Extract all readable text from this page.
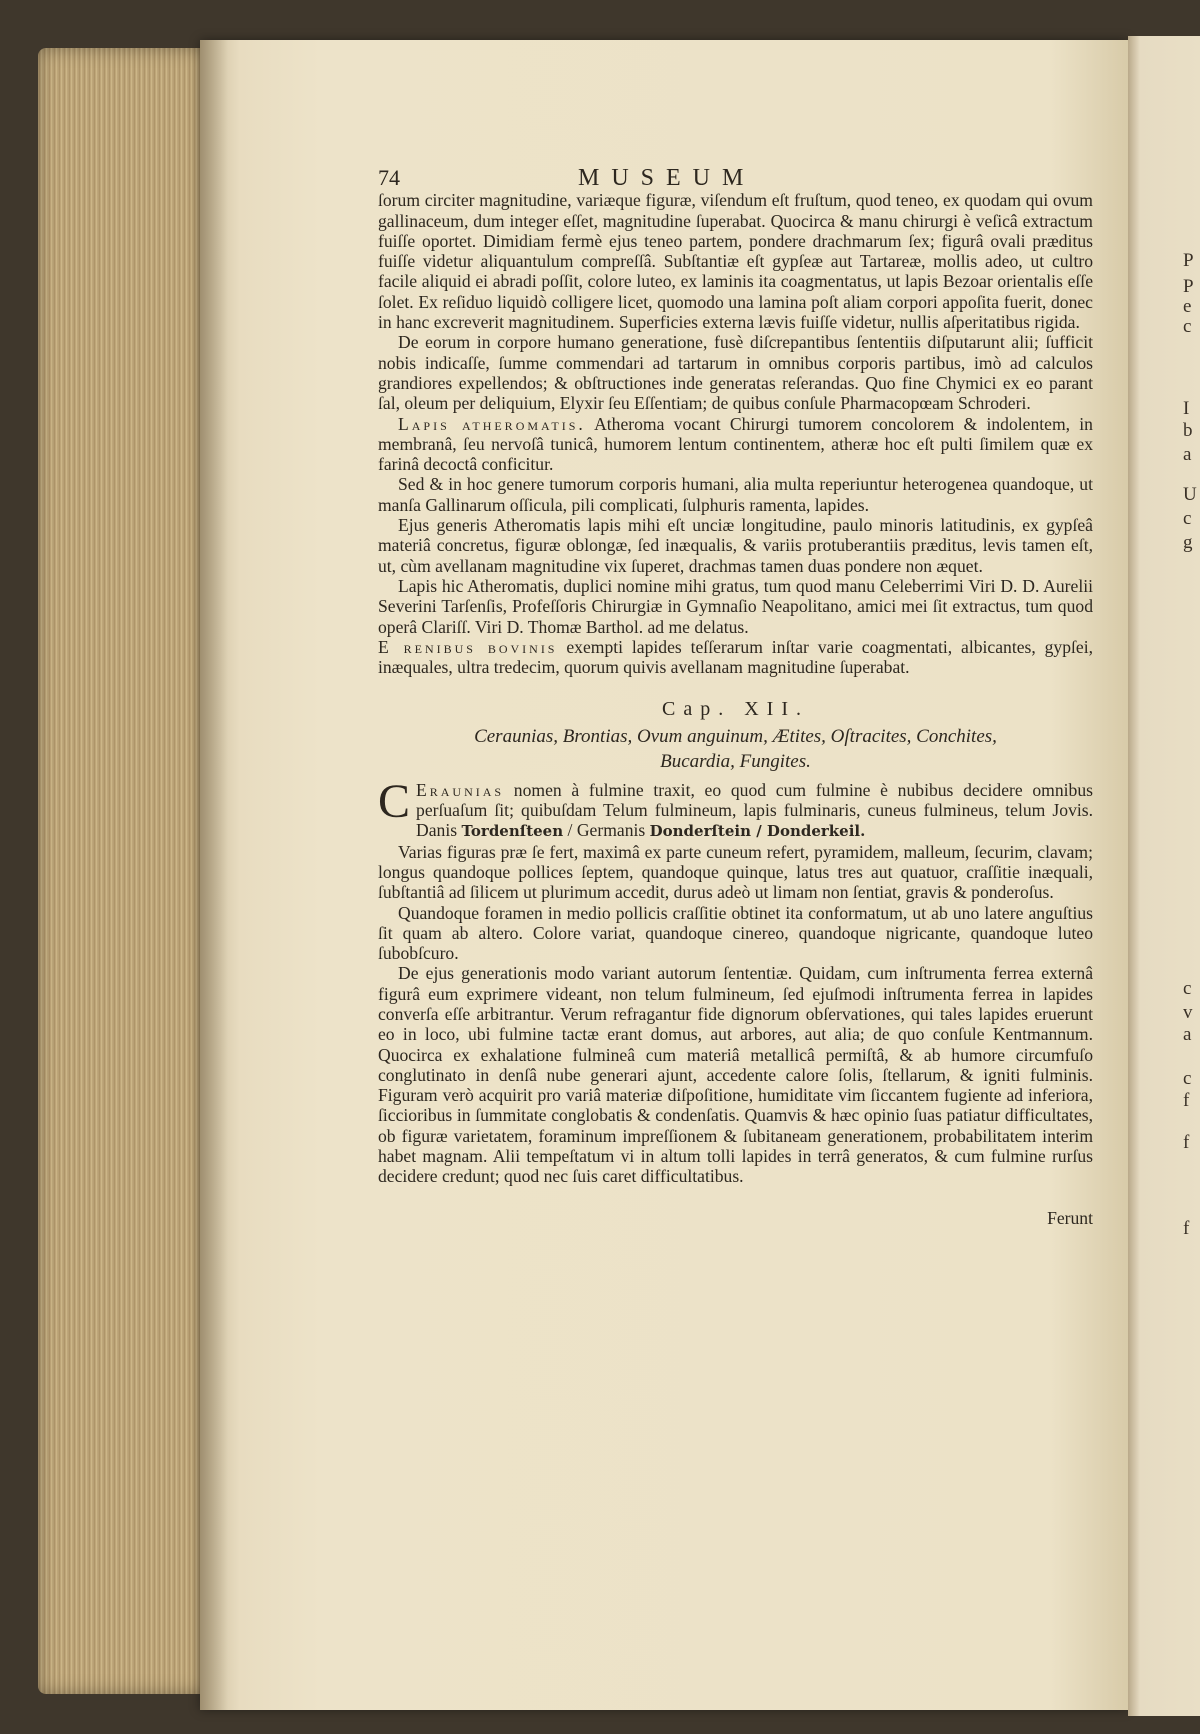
P
P
e
c
I
b
a
U
c
g
c
v
a
c
f
f
f
74	MUSEUM

ſorum circiter magnitudine, variæque figuræ, viſendum eſt fruſtum, quod teneo, ex quodam qui ovum gallinaceum, dum integer eſſet, magnitudine ſuperabat. Quocirca & manu chirurgi è veſicâ extractum fuiſſe oportet. Dimidiam fermè ejus teneo partem, pondere drachmarum ſex; figurâ ovali præditus fuiſſe videtur aliquantulum compreſſâ. Subſtantiæ eſt gypſeæ aut Tartareæ, mollis adeo, ut cultro facile aliquid ei abradi poſſit, colore luteo, ex laminis ita coagmentatus, ut lapis Bezoar orientalis eſſe ſolet. Ex reſiduo liquidò colligere licet, quomodo una lamina poſt aliam corpori appoſita fuerit, donec in hanc excreverit magnitudinem. Superficies externa lævis fuiſſe videtur, nullis aſperitatibus rigida.

De eorum in corpore humano generatione, fusè diſcrepantibus ſententiis diſputarunt alii; ſufficit nobis indicaſſe, ſumme commendari ad tartarum in omnibus corporis partibus, imò ad calculos grandiores expellendos; & obſtructiones inde generatas reſerandas. Quo fine Chymici ex eo parant ſal, oleum per deliquium, Elyxir ſeu Eſſentiam; de quibus conſule Pharmacopœam Schroderi.

Lapis atheromatis. Atheroma vocant Chirurgi tumorem concolorem & indolentem, in membranâ, ſeu nervoſâ tunicâ, humorem lentum continentem, atheræ hoc eſt pulti ſimilem quæ ex farinâ decoctâ conficitur.

Sed & in hoc genere tumorum corporis humani, alia multa reperiuntur heterogenea quandoque, ut manſa Gallinarum oſſicula, pili complicati, ſulphuris ramenta, lapides.

Ejus generis Atheromatis lapis mihi eſt unciæ longitudine, paulo minoris latitudinis, ex gypſeâ materiâ concretus, figuræ oblongæ, ſed inæqualis, & variis protuberantiis præditus, levis tamen eſt, ut, cùm avellanam magnitudine vix ſuperet, drachmas tamen duas pondere non æquet.

Lapis hic Atheromatis, duplici nomine mihi gratus, tum quod manu Celeberrimi Viri D. D. Aurelii Severini Tarſenſis, Profeſſoris Chirurgiæ in Gymnaſio Neapolitano, amici mei ſit extractus, tum quod operâ Clariſſ. Viri D. Thomæ Barthol. ad me delatus.

E renibus bovinis exempti lapides teſſerarum inſtar varie coagmentati, albicantes, gypſei, inæquales, ultra tredecim, quorum quivis avellanam magnitudine ſuperabat.

Cap. XII.
Ceraunias, Brontias, Ovum anguinum, Ætites, Oſtracites, Conchites,
Bucardia, Fungites.

C Eraunias nomen à fulmine traxit, eo quod cum fulmine è nubibus decidere omnibus perſuaſum ſit; quibuſdam Telum fulmineum, lapis fulminaris, cuneus fulmineus, telum Jovis. Danis Tordenſteen / Germanis Donderſtein / Donderkeil.

Varias figuras præ ſe fert, maximâ ex parte cuneum refert, pyramidem, malleum, ſecurim, clavam; longus quandoque pollices ſeptem, quandoque quinque, latus tres aut quatuor, craſſitie inæquali, ſubſtantiâ ad ſilicem ut plurimum accedit, durus adeò ut limam non ſentiat, gravis & ponderoſus.

Quandoque foramen in medio pollicis craſſitie obtinet ita conformatum, ut ab uno latere anguſtius ſit quam ab altero. Colore variat, quandoque cinereo, quandoque nigricante, quandoque luteo ſubobſcuro.

De ejus generationis modo variant autorum ſententiæ. Quidam, cum inſtrumenta ferrea externâ figurâ eum exprimere videant, non telum fulmineum, ſed ejuſmodi inſtrumenta ferrea in lapides converſa eſſe arbitrantur. Verum refragantur fide dignorum obſervationes, qui tales lapides eruerunt eo in loco, ubi fulmine tactæ erant domus, aut arbores, aut alia; de quo conſule Kentmannum. Quocirca ex exhalatione fulmineâ cum materiâ metallicâ permiſtâ, & ab humore circumfuſo conglutinato in denſâ nube generari ajunt, accedente calore ſolis, ſtellarum, & igniti fulminis. Figuram verò acquirit pro variâ materiæ diſpoſitione, humiditate vim ſiccantem fugiente ad inferiora, ſiccioribus in ſummitate conglobatis & condenſatis. Quamvis & hæc opinio ſuas patiatur difficultates, ob figuræ varietatem, foraminum impreſſionem & ſubitaneam generationem, probabilitatem interim habet magnam. Alii tempeſtatum vi in altum tolli lapides in terrâ generatos, & cum fulmine rurſus decidere credunt; quod nec ſuis caret difficultatibus.

Ferunt
